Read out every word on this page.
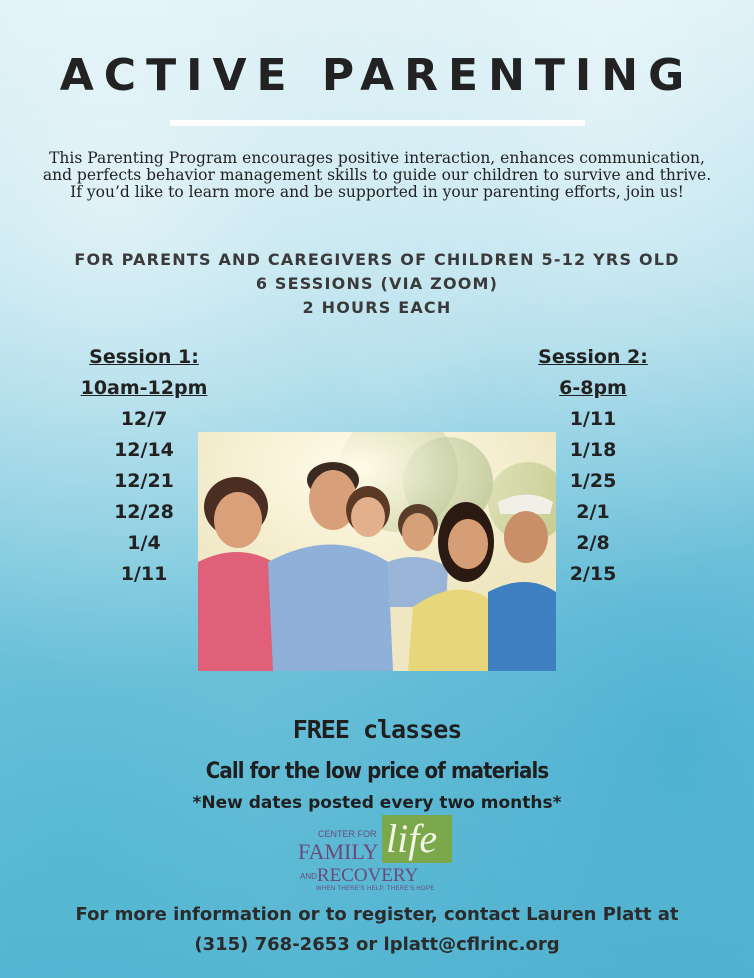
ACTIVE PARENTING

This Parenting Program encourages positive interaction, enhances communication, and perfects behavior management skills to guide our children to survive and thrive.

If you’d like to learn more and be supported in your parenting efforts, join us!

FOR PARENTS AND CAREGIVERS OF CHILDREN 5-12 YRS OLD
6 SESSIONS (VIA ZOOM)
2 HOURS EACH
Session 1:
10am-12pm
12/7
12/14
12/21
12/28
1/4
1/11
Session 2:
6-8pm
1/11
1/18
1/25
2/1
2/8
2/15
FREE classes
Call for the low price of materials
*New dates posted every two months*
life
CENTER FOR
FAMILY
ANDRECOVERY
WHEN THERE'S HELP, THERE'S HOPE
For more information or to register, contact Lauren Platt at
(315) 768-2653 or lplatt@cflrinc.org
